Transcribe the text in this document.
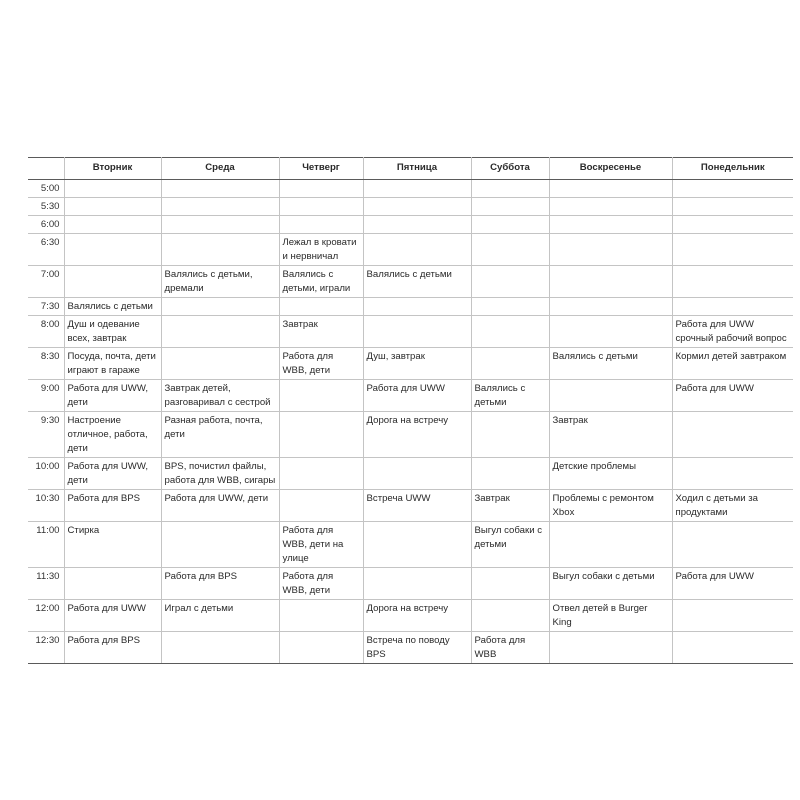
	Вторник	Среда	Четверг	Пятница	Суббота	Воскресенье	Понедельник
5:00							
5:30							
6:00							
6:30			Лежал в кровати и нервничал				
7:00		Валялись с детьми, дремали	Валялись с детьми, играли	Валялись с детьми			
7:30	Валялись с детьми						
8:00	Душ и одевание всех, завтрак		Завтрак				Работа для UWW срочный рабочий вопрос
8:30	Посуда, почта, дети играют в гараже		Работа для WBB, дети	Душ, завтрак		Валялись с детьми	Кормил детей завтраком
9:00	Работа для UWW, дети	Завтрак детей, разговаривал с сестрой		Работа для UWW	Валялись с детьми		Работа для UWW
9:30	Настроение отличное, работа, дети	Разная работа, почта, дети		Дорога на встречу		Завтрак	
10:00	Работа для UWW, дети	BPS, почистил файлы, работа для WBB, сигары				Детские проблемы	
10:30	Работа для BPS	Работа для UWW, дети		Встреча UWW	Завтрак	Проблемы с ремонтом Xbox	Ходил с детьми за продуктами
11:00	Стирка		Работа для WBB, дети на улице		Выгул собаки с детьми		
11:30		Работа для BPS	Работа для WBB, дети			Выгул собаки с детьми	Работа для UWW
12:00	Работа для UWW	Играл с детьми		Дорога на встречу		Отвел детей в Burger King	
12:30	Работа для BPS			Встреча по поводу BPS	Работа для WBB		
